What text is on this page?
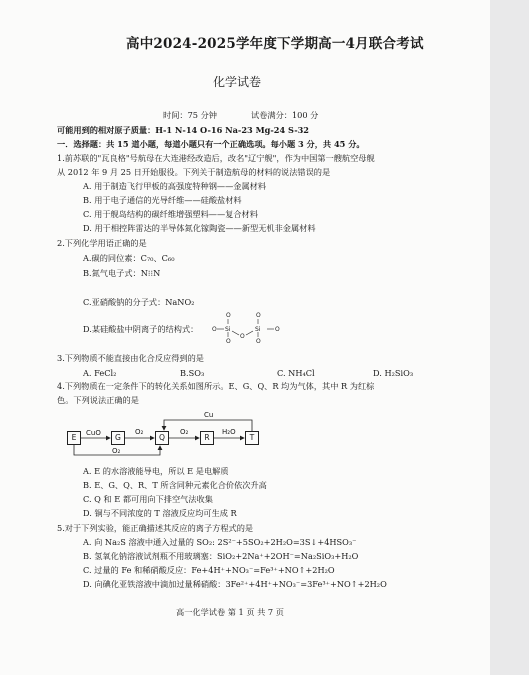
高中2024-2025学年度下学期高一4月联合考试
化学试卷
时间：75 分钟	试卷满分：100 分
可能用到的相对原子质量：H-1 N-14 O-16 Na-23 Mg-24 S-32
一．选择题：共 15 道小题，每道小题只有一个正确选项。每小题 3 分，共 45 分。
1.前苏联的"瓦良格"号航母在大连港经改造后，改名"辽宁舰"，作为中国第一艘航空母舰
从 2012 年 9 月 25 日开始服役。下列关于制造航母的材料的说法错误的是
A. 用于制造飞行甲板的高强度特种钢——金属材料
B. 用于电子通信的光导纤维——硅酸盐材料
C. 用于舰岛结构的碳纤维增强塑料——复合材料
D. 用于相控阵雷达的半导体氮化镓陶瓷——新型无机非金属材料
2.下列化学用语正确的是
A.碳的同位素：C₇₀、C₆₀
B.氮气电子式：N⁝⁝N
C.亚硝酸钠的分子式：NaNO₂
D.某硅酸盐中阴离子的结构式：	Si	Si
O	O
O
O
O
O
O
3.下列物质不能直接由化合反应得到的是
A. FeCl₂	B.SO₃	C. NH₄Cl	D. H₂SiO₃
4.下列物质在一定条件下的转化关系如图所示。E、G、Q、R 均为气体，其中 R 为红棕
色。下列说法正确的是
E	G	Q	R	T
CuO	O₂	O₂	H₂O
O₂
Cu
A. E 的水溶液能导电，所以 E 是电解质
B. E、G、Q、R、T 所含同种元素化合价依次升高
C. Q 和 E 都可用向下排空气法收集
D. 铜与不同浓度的 T 溶液反应均可生成 R
5.对于下列实验，能正确描述其反应的离子方程式的是
A. 向 Na₂S 溶液中通入过量的 SO₂: 2S²⁻+5SO₂+2H₂O=3S↓+4HSO₃⁻
B. 氢氧化钠溶液试剂瓶不用玻璃塞：SiO₂+2Na⁺+2OH⁻=Na₂SiO₃+H₂O
C. 过量的 Fe 和稀硝酸反应：Fe+4H⁺+NO₃⁻=Fe³⁺+NO↑+2H₂O
D. 向碘化亚铁溶液中滴加过量稀硝酸：3Fe²⁺+4H⁺+NO₃⁻=3Fe³⁺+NO↑+2H₂O
高一化学试卷 第 1 页 共 7 页
